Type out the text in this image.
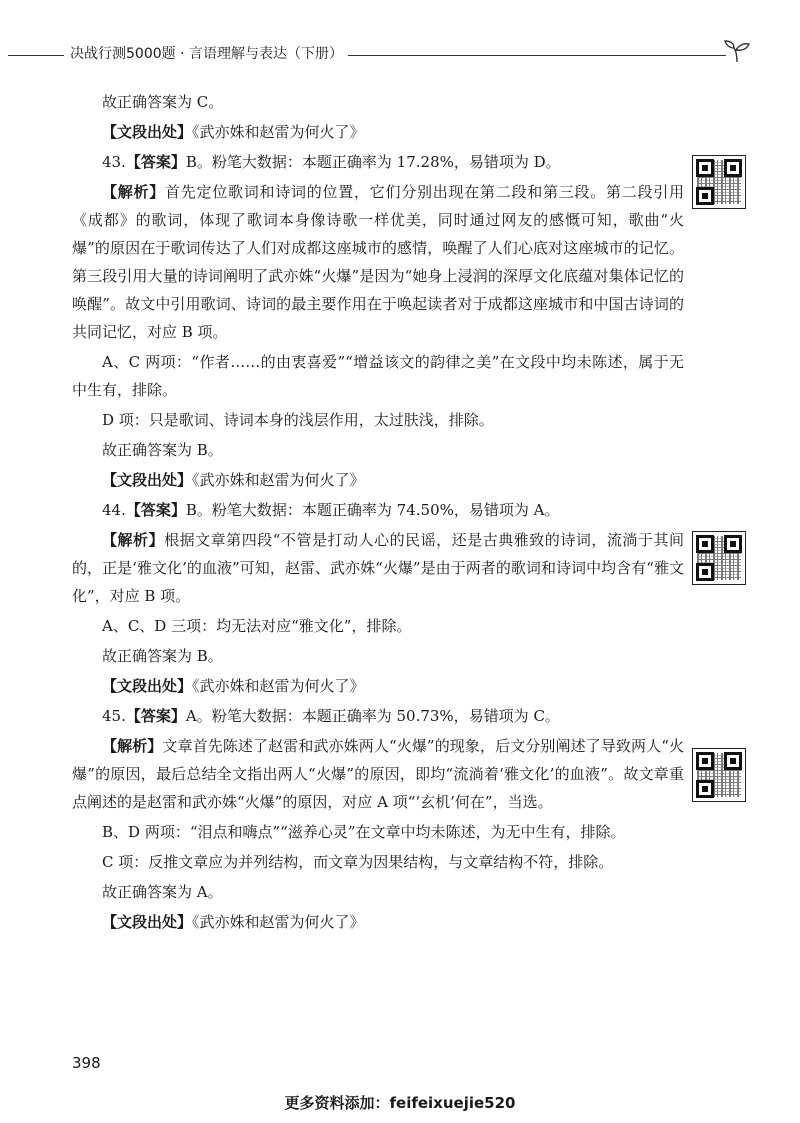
决战行测5000题 · 言语理解与表达（下册）

故正确答案为 C。

【文段出处】《武亦姝和赵雷为何火了》

43.【答案】B。粉笔大数据：本题正确率为 17.28%，易错项为 D。

【解析】首先定位歌词和诗词的位置，它们分别出现在第二段和第三段。第二段引用《成都》的歌词，体现了歌词本身像诗歌一样优美，同时通过网友的感慨可知，歌曲“火爆”的原因在于歌词传达了人们对成都这座城市的感情，唤醒了人们心底对这座城市的记忆。第三段引用大量的诗词阐明了武亦姝“火爆”是因为“她身上浸润的深厚文化底蕴对集体记忆的唤醒”。故文中引用歌词、诗词的最主要作用在于唤起读者对于成都这座城市和中国古诗词的共同记忆，对应 B 项。

A、C 两项：“作者……的由衷喜爱”“增益该文的韵律之美”在文段中均未陈述，属于无中生有，排除。

D 项：只是歌词、诗词本身的浅层作用，太过肤浅，排除。

故正确答案为 B。

【文段出处】《武亦姝和赵雷为何火了》

44.【答案】B。粉笔大数据：本题正确率为 74.50%，易错项为 A。

【解析】根据文章第四段“不管是打动人心的民谣，还是古典雅致的诗词，流淌于其间的，正是‘雅文化’的血液”可知，赵雷、武亦姝“火爆”是由于两者的歌词和诗词中均含有“雅文化”，对应 B 项。

A、C、D 三项：均无法对应“雅文化”，排除。

故正确答案为 B。

【文段出处】《武亦姝和赵雷为何火了》

45.【答案】A。粉笔大数据：本题正确率为 50.73%，易错项为 C。

【解析】文章首先陈述了赵雷和武亦姝两人“火爆”的现象，后文分别阐述了导致两人“火爆”的原因，最后总结全文指出两人“火爆”的原因，即均“流淌着‘雅文化’的血液”。故文章重点阐述的是赵雷和武亦姝“火爆”的原因，对应 A 项“‘玄机’何在”，当选。

B、D 两项：“泪点和嗨点”“滋养心灵”在文章中均未陈述，为无中生有，排除。

C 项：反推文章应为并列结构，而文章为因果结构，与文章结构不符，排除。

故正确答案为 A。

【文段出处】《武亦姝和赵雷为何火了》

398
更多资料添加：feifeixuejie520
